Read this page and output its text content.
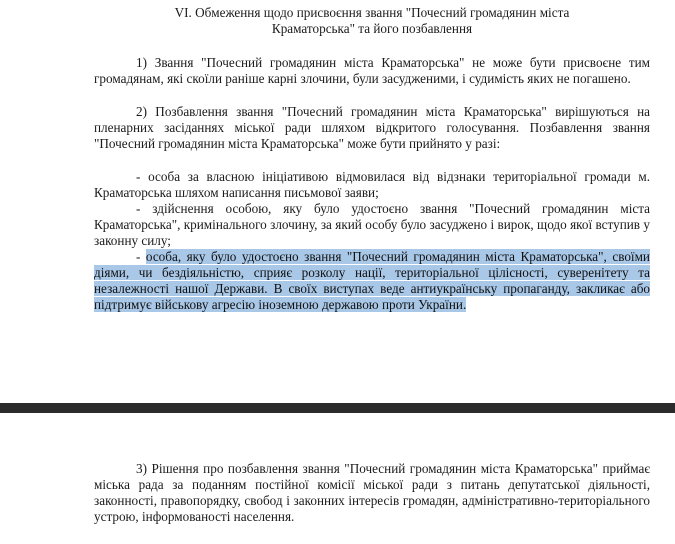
VI. Обмеження щодо присвоєння звання "Почесний громадянин міста
Краматорська" та його позбавлення

1) Звання "Почесний громадянин міста Краматорська" не може бути присвоєне тим громадянам, які скоїли раніше карні злочини, були засудженими, і судимість яких не погашено.

2) Позбавлення звання "Почесний громадянин міста Краматорська" вирішуються на пленарних засіданнях міської ради шляхом відкритого голосування. Позбавлення звання "Почесний громадянин міста Краматорська" може бути прийнято у разі:

- особа за власною ініціативою відмовилася від відзнаки територіальної громади м. Краматорська шляхом написання письмової заяви;

- здійснення особою, яку було удостоєно звання "Почесний громадянин міста Краматорська", кримінального злочину, за який особу було засуджено і вирок, щодо якої вступив у законну силу;

- особа, яку було удостоєно звання "Почесний громадянин міста Краматорська", своїми діями, чи бездіяльністю, сприяє розколу нації, територіальної цілісності, суверенітету та незалежності нашої Держави. В своїх виступах веде антиукраїнську пропаганду, закликає або підтримує військову агресію іноземною державою проти України.

3) Рішення про позбавлення звання "Почесний громадянин міста Краматорська" приймає міська рада за поданням постійної комісії міської ради з питань депутатської діяльності, законності, правопорядку, свобод і законних інтересів громадян, адміністративно-територіального устрою, інформованості населення.
